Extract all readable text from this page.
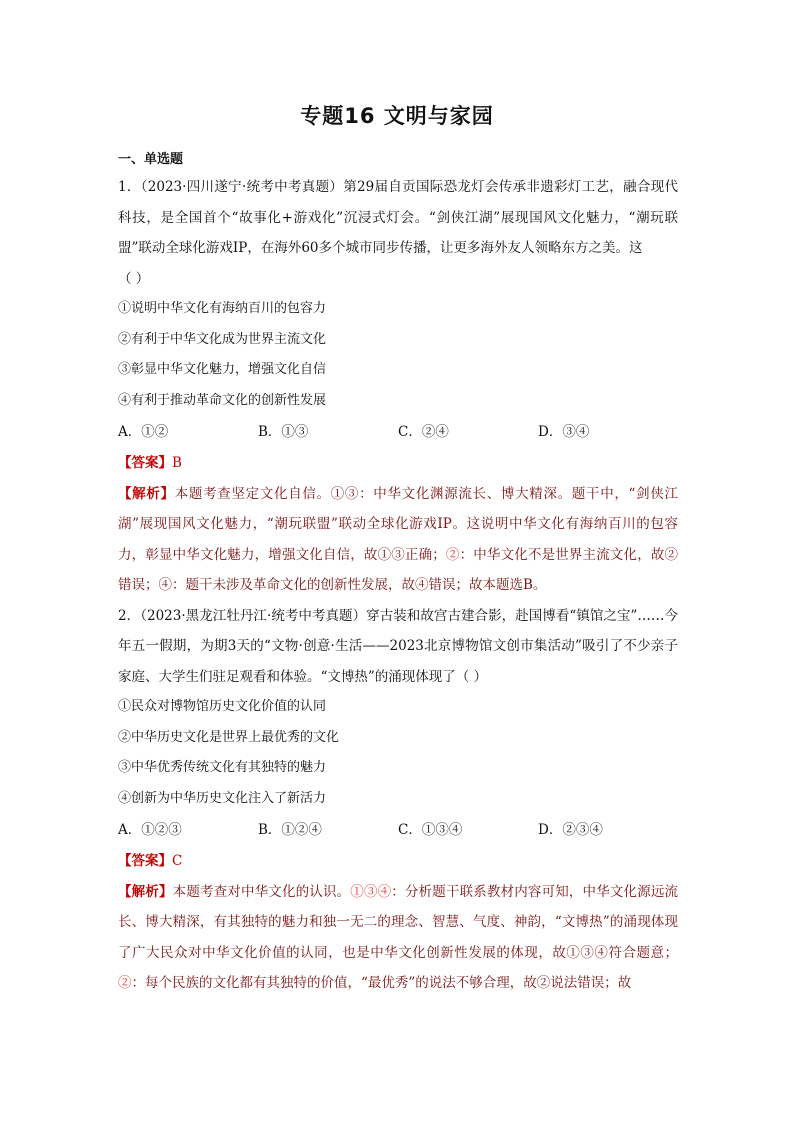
专题16 文明与家园
一、单选题

1．（2023·四川遂宁·统考中考真题）第29届自贡国际恐龙灯会传承非遗彩灯工艺，融合现代科技，是全国首个“故事化+游戏化”沉浸式灯会。“剑侠江湖”展现国风文化魅力，“潮玩联盟”联动全球化游戏IP，在海外60多个城市同步传播，让更多海外友人领略东方之美。这
（ ）

①说明中华文化有海纳百川的包容力

②有利于中华文化成为世界主流文化

③彰显中华文化魅力，增强文化自信

④有利于推动革命文化的创新性发展

A．①②	B．①③	C．②④	D．③④
【答案】B

【解析】本题考查坚定文化自信。①③：中华文化渊源流长、博大精深。题干中，“剑侠江湖”展现国风文化魅力，“潮玩联盟”联动全球化游戏IP。这说明中华文化有海纳百川的包容力，彰显中华文化魅力，增强文化自信，故①③正确；②：中华文化不是世界主流文化，故②错误；④：题干未涉及革命文化的创新性发展，故④错误；故本题选B。

2．（2023·黑龙江牡丹江·统考中考真题）穿古装和故宫古建合影，赴国博看“镇馆之宝”……今年五一假期，为期3天的“文物·创意·生活——2023北京博物馆文创市集活动”吸引了不少亲子家庭、大学生们驻足观看和体验。“文博热”的涌现体现了（ ）

①民众对博物馆历史文化价值的认同

②中华历史文化是世界上最优秀的文化

③中华优秀传统文化有其独特的魅力

④创新为中华历史文化注入了新活力

A．①②③	B．①②④	C．①③④	D．②③④
【答案】C

【解析】本题考查对中华文化的认识。①③④：分析题干联系教材内容可知，中华文化源远流长、博大精深，有其独特的魅力和独一无二的理念、智慧、气度、神韵，“文博热”的涌现体现了广大民众对中华文化价值的认同，也是中华文化创新性发展的体现，故①③④符合题意；②：每个民族的文化都有其独特的价值，“最优秀”的说法不够合理，故②说法错误；故
